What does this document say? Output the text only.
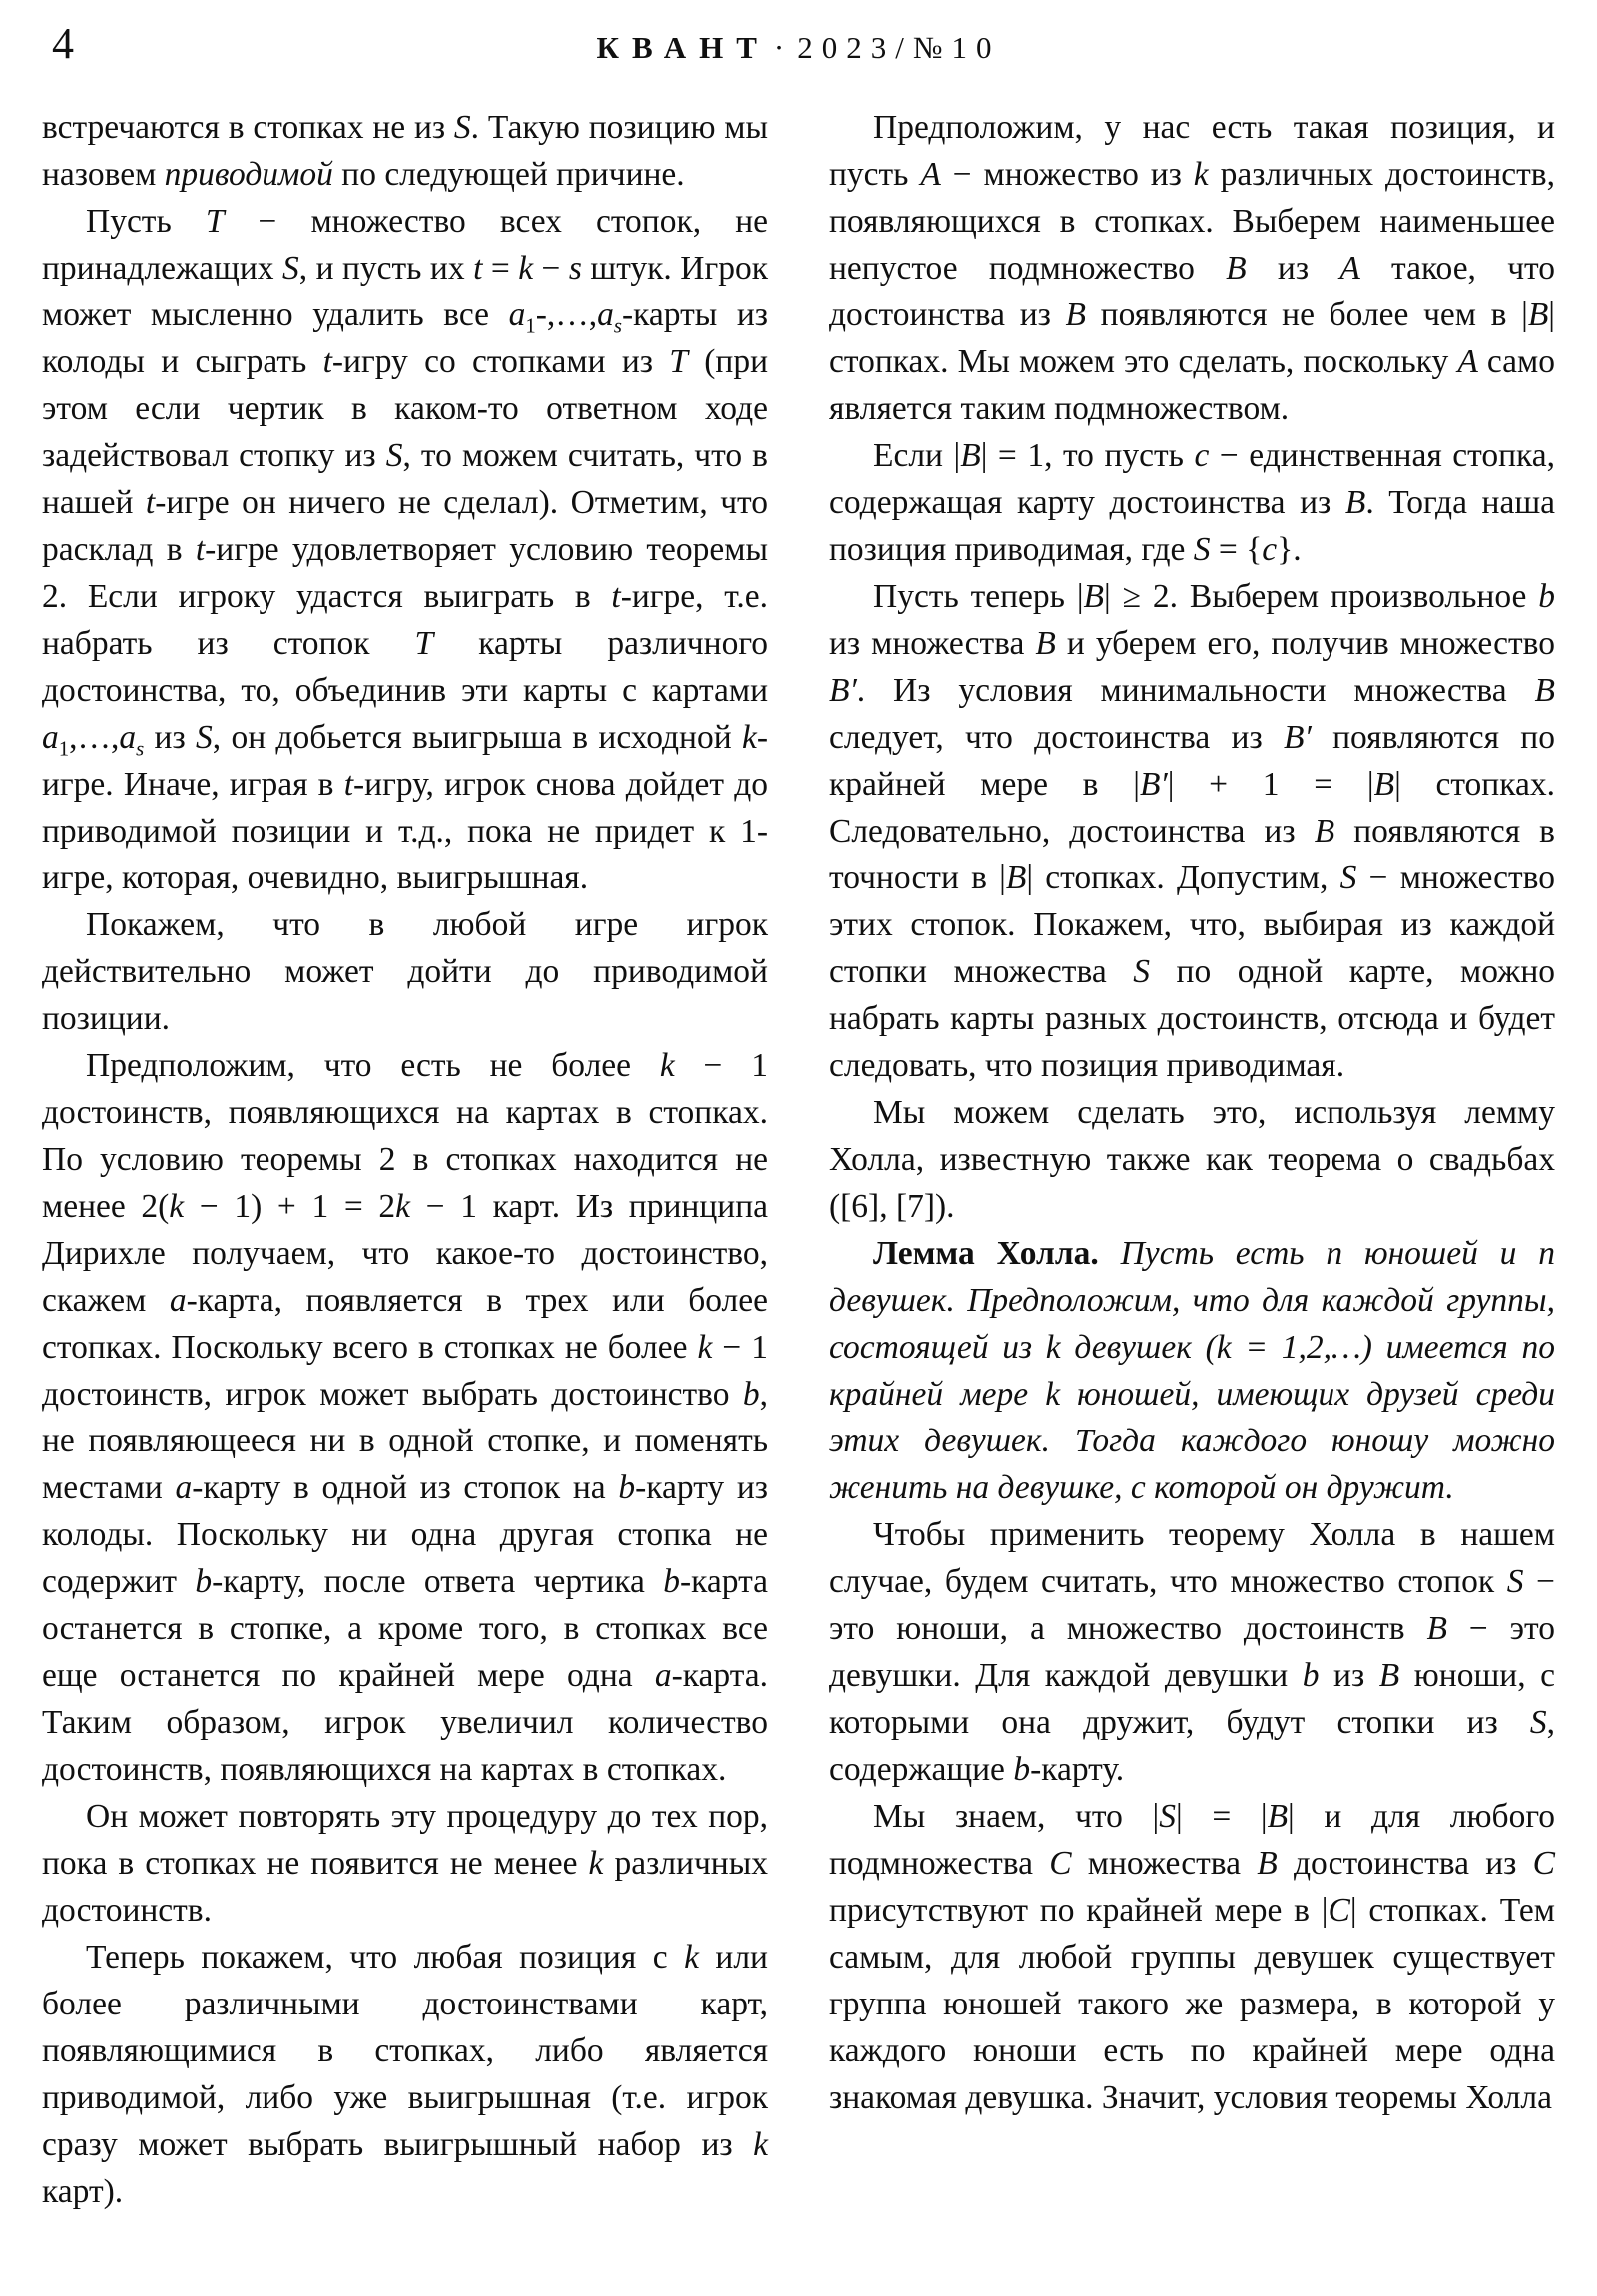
4	КВАНТ · 2023/№10

встречаются в стопках не из S. Такую позицию мы назовем приводимой по следующей причине.

Пусть T − множество всех стопок, не принадлежащих S, и пусть их t = k − s штук. Игрок может мысленно удалить все $a_1-,\dots,a_s$-карты из колоды и сыграть t-игру со стопками из T (при этом если чертик в каком-то ответном ходе задействовал стопку из S, то можем считать, что в нашей t-игре он ничего не сделал). Отметим, что расклад в t-игре удовлетворяет условию теоремы 2. Если игроку удастся выиграть в t-игре, т.е. набрать из стопок T карты различного достоинства, то, объединив эти карты с картами $a_1,\dots,a_s$ из S, он добьется выигрыша в исходной k-игре. Иначе, играя в t-игру, игрок снова дойдет до приводимой позиции и т.д., пока не придет к 1-игре, которая, очевидно, выигрышная.

Покажем, что в любой игре игрок действительно может дойти до приводимой позиции.

Предположим, что есть не более k − 1 достоинств, появляющихся на картах в стопках. По условию теоремы 2 в стопках находится не менее 2(k − 1) + 1 = 2k − 1 карт. Из принципа Дирихле получаем, что какое-то достоинство, скажем a-карта, появляется в трех или более стопках. Поскольку всего в стопках не более k − 1 достоинств, игрок может выбрать достоинство b, не появляющееся ни в одной стопке, и поменять местами a-карту в одной из стопок на b-карту из колоды. Поскольку ни одна другая стопка не содержит b-карту, после ответа чертика b-карта останется в стопке, а кроме того, в стопках все еще останется по крайней мере одна a-карта. Таким образом, игрок увеличил количество достоинств, появляющихся на картах в стопках.

Он может повторять эту процедуру до тех пор, пока в стопках не появится не менее k различных достоинств.

Теперь покажем, что любая позиция с k или более различными достоинствами карт, появляющимися в стопках, либо является приводимой, либо уже выигрышная (т.е. игрок сразу может выбрать выигрышный набор из k карт).

Предположим, у нас есть такая позиция, и пусть A − множество из k различных достоинств, появляющихся в стопках. Выберем наименьшее непустое подмножество B из A такое, что достоинства из B появляются не более чем в |B| стопках. Мы можем это сделать, поскольку A само является таким подмножеством.

Если |B| = 1, то пусть c − единственная стопка, содержащая карту достоинства из B. Тогда наша позиция приводимая, где S = {c}.

Пусть теперь |B| ≥ 2. Выберем произвольное b из множества B и уберем его, получив множество B′. Из условия минимальности множества B следует, что достоинства из B′ появляются по крайней мере в |B′| + 1 = |B| стопках. Следовательно, достоинства из B появляются в точности в |B| стопках. Допустим, S − множество этих стопок. Покажем, что, выбирая из каждой стопки множества S по одной карте, можно набрать карты разных достоинств, отсюда и будет следовать, что позиция приводимая.

Мы можем сделать это, используя лемму Холла, известную также как теорема о свадьбах ([6], [7]).

Лемма Холла. Пусть есть n юношей и n девушек. Предположим, что для каждой группы, состоящей из k девушек (k = 1,2,…) имеется по крайней мере k юношей, имеющих друзей среди этих девушек. Тогда каждого юношу можно женить на девушке, с которой он дружит.

Чтобы применить теорему Холла в нашем случае, будем считать, что множество стопок S − это юноши, а множество достоинств B − это девушки. Для каждой девушки b из B юноши, с которыми она дружит, будут стопки из S, содержащие b-карту.

Мы знаем, что |S| = |B| и для любого подмножества C множества B достоинства из C присутствуют по крайней мере в |C| стопках. Тем самым, для любой группы девушек существует группа юношей такого же размера, в которой у каждого юноши есть по крайней мере одна знакомая девушка. Значит, условия теоремы Холла
